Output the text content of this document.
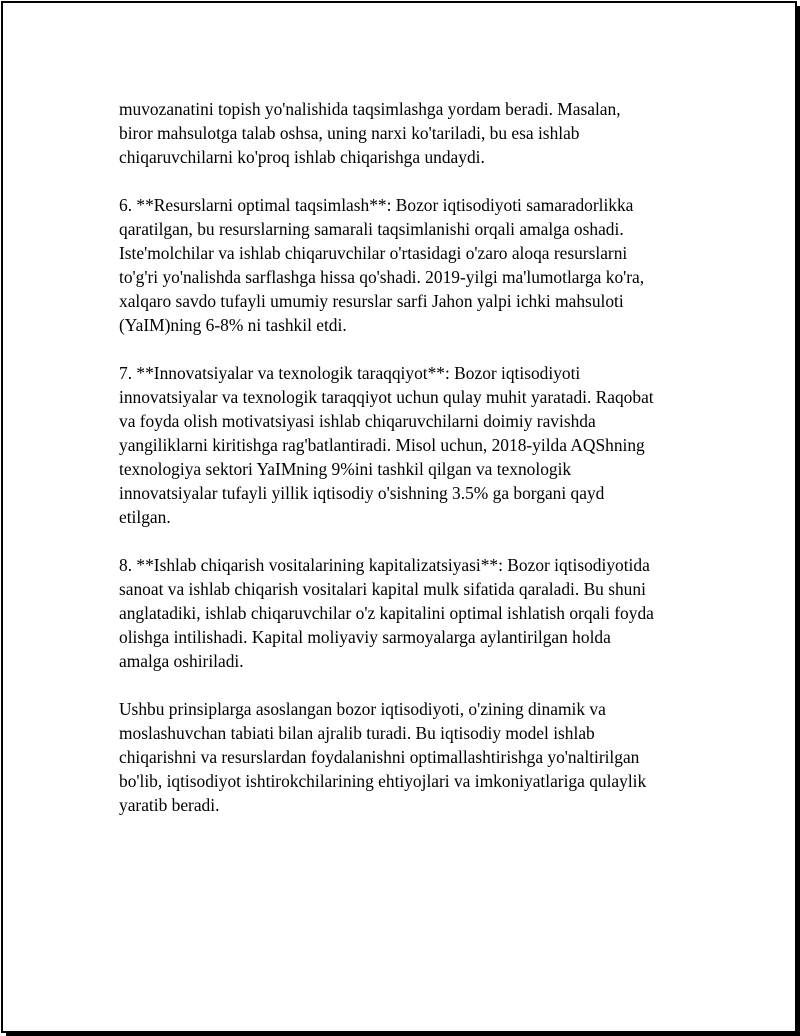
muvozanatini topish yo'nalishida taqsimlashga yordam beradi. Masalan,
biror mahsulotga talab oshsa, uning narxi ko'tariladi, bu esa ishlab
chiqaruvchilarni ko'proq ishlab chiqarishga undaydi.

6. **Resurslarni optimal taqsimlash**: Bozor iqtisodiyoti samaradorlikka
qaratilgan, bu resurslarning samarali taqsimlanishi orqali amalga oshadi.
Iste'molchilar va ishlab chiqaruvchilar o'rtasidagi o'zaro aloqa resurslarni
to'g'ri yo'nalishda sarflashga hissa qo'shadi. 2019-yilgi ma'lumotlarga ko'ra,
xalqaro savdo tufayli umumiy resurslar sarfi Jahon yalpi ichki mahsuloti
(YaIM)ning 6-8% ni tashkil etdi.

7. **Innovatsiyalar va texnologik taraqqiyot**: Bozor iqtisodiyoti
innovatsiyalar va texnologik taraqqiyot uchun qulay muhit yaratadi. Raqobat
va foyda olish motivatsiyasi ishlab chiqaruvchilarni doimiy ravishda
yangiliklarni kiritishga rag'batlantiradi. Misol uchun, 2018-yilda AQShning
texnologiya sektori YaIMning 9%ini tashkil qilgan va texnologik
innovatsiyalar tufayli yillik iqtisodiy o'sishning 3.5% ga borgani qayd
etilgan.

8. **Ishlab chiqarish vositalarining kapitalizatsiyasi**: Bozor iqtisodiyotida
sanoat va ishlab chiqarish vositalari kapital mulk sifatida qaraladi. Bu shuni
anglatadiki, ishlab chiqaruvchilar o'z kapitalini optimal ishlatish orqali foyda
olishga intilishadi. Kapital moliyaviy sarmoyalarga aylantirilgan holda
amalga oshiriladi.

Ushbu prinsiplarga asoslangan bozor iqtisodiyoti, o'zining dinamik va
moslashuvchan tabiati bilan ajralib turadi. Bu iqtisodiy model ishlab
chiqarishni va resurslardan foydalanishni optimallashtirishga yo'naltirilgan
bo'lib, iqtisodiyot ishtirokchilarining ehtiyojlari va imkoniyatlariga qulaylik
yaratib beradi.
